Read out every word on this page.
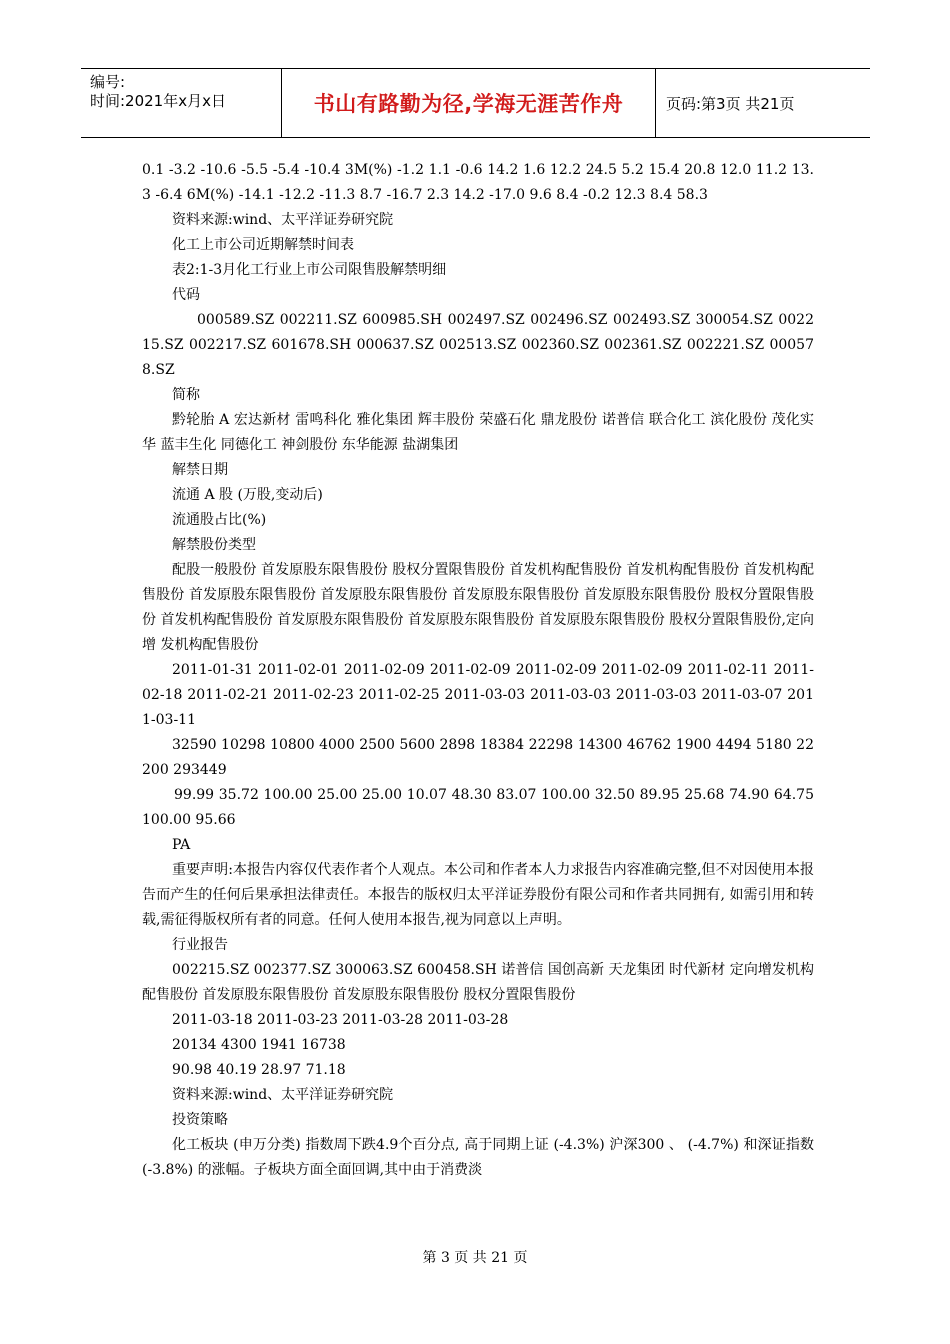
编号:
时间:2021年x月x日	书山有路勤为径,学海无涯苦作舟	页码:第3页 共21页

0.1 -3.2 -10.6 -5.5 -5.4 -10.4 3M(%) -1.2 1.1 -0.6 14.2 1.6 12.2 24.5 5.2 15.4 20.8 12.0 11.2 13.3 -6.4 6M(%) -14.1 -12.2 -11.3 8.7 -16.7 2.3 14.2 -17.0 9.6 8.4 -0.2 12.3 8.4 58.3

资料来源:wind、太平洋证券研究院

化工上市公司近期解禁时间表

表2:1-3月化工行业上市公司限售股解禁明细

代码

000589.SZ 002211.SZ 600985.SH 002497.SZ 002496.SZ 002493.SZ 300054.SZ 002215.SZ 002217.SZ 601678.SH 000637.SZ 002513.SZ 002360.SZ 002361.SZ 002221.SZ 000578.SZ

简称

黔轮胎 A 宏达新材 雷鸣科化 雅化集团 辉丰股份 荣盛石化 鼎龙股份 诺普信 联合化工 滨化股份 茂化实华 蓝丰生化 同德化工 神剑股份 东华能源 盐湖集团

解禁日期

流通 A 股 (万股,变动后)

流通股占比(%)

解禁股份类型

配股一般股份 首发原股东限售股份 股权分置限售股份 首发机构配售股份 首发机构配售股份 首发机构配售股份 首发原股东限售股份 首发原股东限售股份 首发原股东限售股份 首发原股东限售股份 股权分置限售股份 首发机构配售股份 首发原股东限售股份 首发原股东限售股份 首发原股东限售股份 股权分置限售股份,定向增 发机构配售股份

2011-01-31 2011-02-01 2011-02-09 2011-02-09 2011-02-09 2011-02-09 2011-02-11 2011-02-18 2011-02-21 2011-02-23 2011-02-25 2011-03-03 2011-03-03 2011-03-03 2011-03-07 2011-03-11

32590 10298 10800 4000 2500 5600 2898 18384 22298 14300 46762 1900 4494 5180 22200 293449

99.99 35.72 100.00 25.00 25.00 10.07 48.30 83.07 100.00 32.50 89.95 25.68 74.90 64.75 100.00 95.66

PA

重要声明:本报告内容仅代表作者个人观点。本公司和作者本人力求报告内容准确完整,但不对因使用本报告而产生的任何后果承担法律责任。本报告的版权归太平洋证券股份有限公司和作者共同拥有, 如需引用和转载,需征得版权所有者的同意。任何人使用本报告,视为同意以上声明。

行业报告

002215.SZ 002377.SZ 300063.SZ 600458.SH 诺普信 国创高新 天龙集团 时代新材 定向增发机构配售股份 首发原股东限售股份 首发原股东限售股份 股权分置限售股份

2011-03-18 2011-03-23 2011-03-28 2011-03-28

20134 4300 1941 16738

90.98 40.19 28.97 71.18

资料来源:wind、太平洋证券研究院

投资策略

化工板块 (申万分类) 指数周下跌4.9个百分点, 高于同期上证 (-4.3%) 沪深300 、 (-4.7%) 和深证指数 (-3.8%) 的涨幅。子板块方面全面回调,其中由于消费淡

第 3 页 共 21 页
